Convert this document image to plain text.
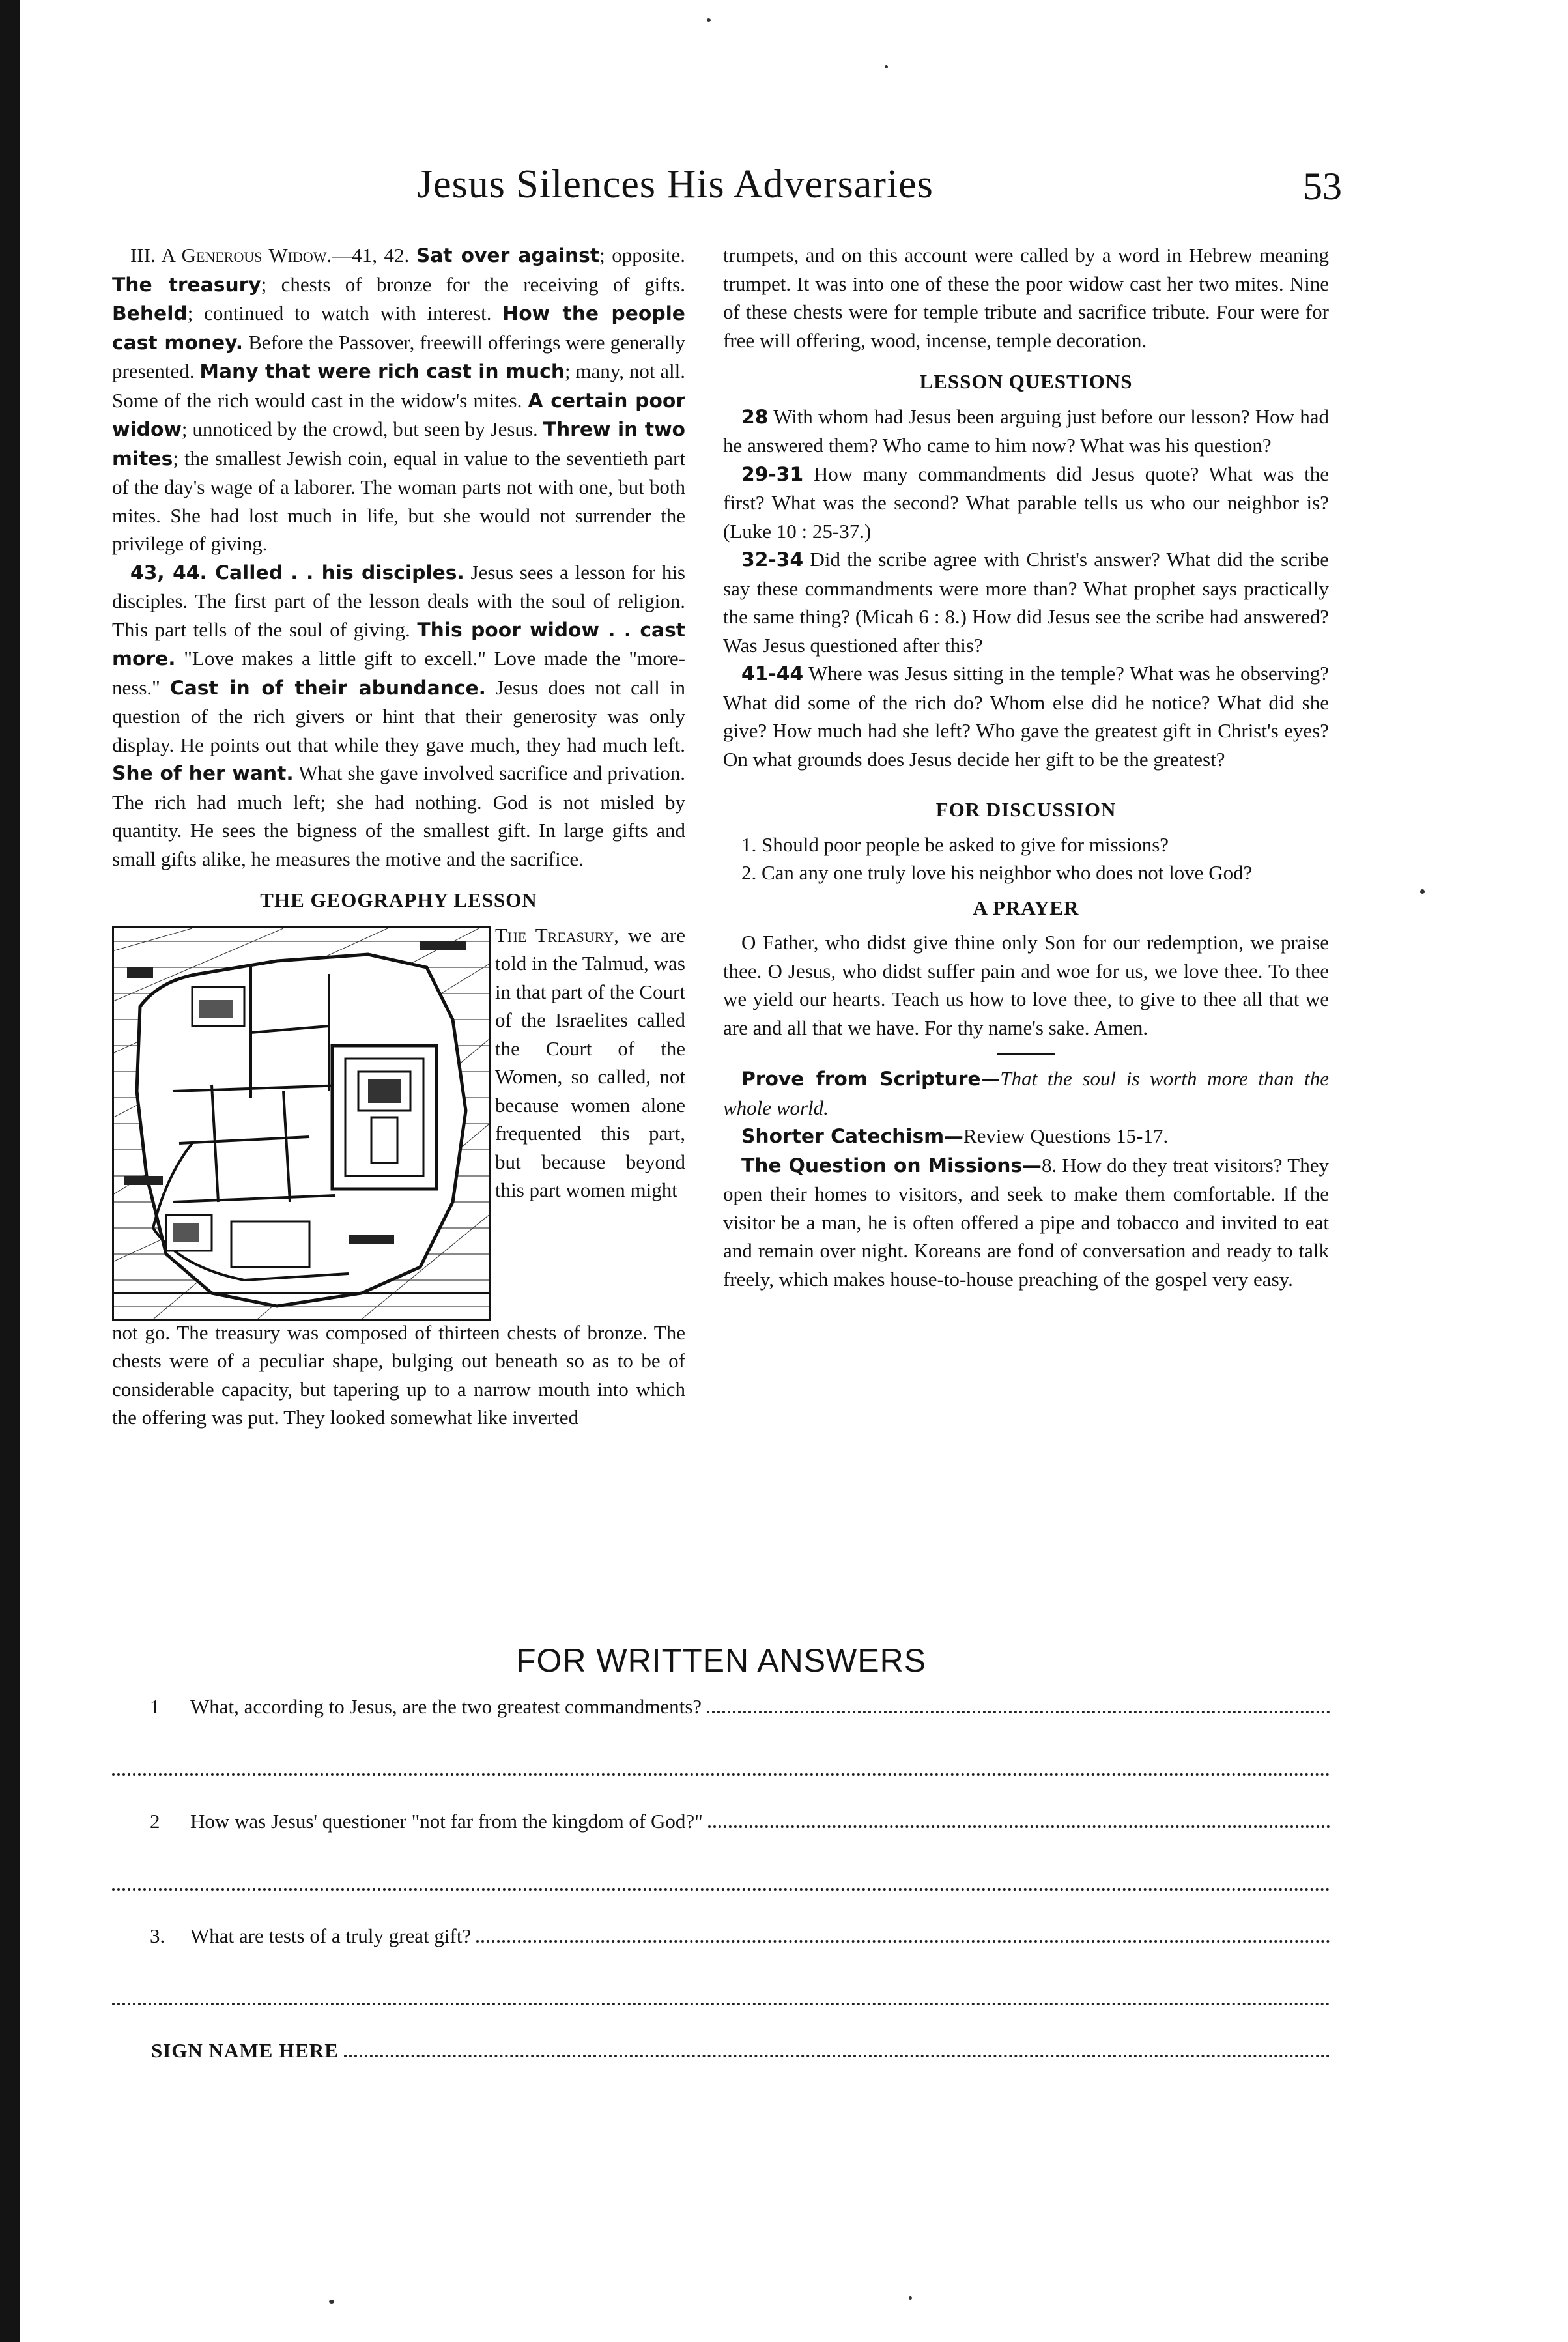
Jesus Silences His Adversaries	53

III. A Generous Widow.—41, 42. Sat over against; opposite. The treasury; chests of bronze for the receiving of gifts. Beheld; continued to watch with interest. How the people cast money. Before the Passover, freewill offerings were generally presented. Many that were rich cast in much; many, not all. Some of the rich would cast in the widow's mites. A certain poor widow; unnoticed by the crowd, but seen by Jesus. Threw in two mites; the smallest Jewish coin, equal in value to the seventieth part of the day's wage of a laborer. The woman parts not with one, but both mites. She had lost much in life, but she would not surrender the privilege of giving.

43, 44. Called . . his disciples. Jesus sees a lesson for his disciples. The first part of the lesson deals with the soul of religion. This part tells of the soul of giving. This poor widow . . cast more. "Love makes a little gift to excell." Love made the "more-ness." Cast in of their abundance. Jesus does not call in question of the rich givers or hint that their generosity was only display. He points out that while they gave much, they had much left. She of her want. What she gave involved sacrifice and privation. The rich had much left; she had nothing. God is not misled by quantity. He sees the bigness of the smallest gift. In large gifts and small gifts alike, he measures the motive and the sacrifice.

THE GEOGRAPHY LESSON
The Treasury, we are told in the Talmud, was in that part of the Court of the Israelites called the Court of the Women, so called, not because women alone frequented this part, but because beyond this part women might

not go. The treasury was composed of thirteen chests of bronze. The chests were of a peculiar shape, bulging out beneath so as to be of considerable capacity, but tapering up to a narrow mouth into which the offering was put. They looked somewhat like inverted

trumpets, and on this account were called by a word in Hebrew meaning trumpet. It was into one of these the poor widow cast her two mites. Nine of these chests were for temple tribute and sacrifice tribute. Four were for free will offering, wood, incense, temple decoration.

LESSON QUESTIONS

28 With whom had Jesus been arguing just before our lesson? How had he answered them? Who came to him now? What was his question?

29-31 How many commandments did Jesus quote? What was the first? What was the second? What parable tells us who our neighbor is? (Luke 10 : 25-37.)

32-34 Did the scribe agree with Christ's answer? What did the scribe say these commandments were more than? What prophet says practically the same thing? (Micah 6 : 8.) How did Jesus see the scribe had answered? Was Jesus questioned after this?

41-44 Where was Jesus sitting in the temple? What was he observing? What did some of the rich do? Whom else did he notice? What did she give? How much had she left? Who gave the greatest gift in Christ's eyes? On what grounds does Jesus decide her gift to be the greatest?

FOR DISCUSSION

1. Should poor people be asked to give for missions?

2. Can any one truly love his neighbor who does not love God?

A PRAYER

O Father, who didst give thine only Son for our redemption, we praise thee. O Jesus, who didst suffer pain and woe for us, we love thee. To thee we yield our hearts. Teach us how to love thee, to give to thee all that we are and all that we have. For thy name's sake. Amen.

Prove from Scripture—That the soul is worth more than the whole world.

Shorter Catechism—Review Questions 15-17.

The Question on Missions—8. How do they treat visitors? They open their homes to visitors, and seek to make them comfortable. If the visitor be a man, he is often offered a pipe and tobacco and invited to eat and remain over night. Koreans are fond of conversation and ready to talk freely, which makes house-to-house preaching of the gospel very easy.

FOR WRITTEN ANSWERS
1	What, according to Jesus, are the two greatest commandments?
2	How was Jesus' questioner "not far from the kingdom of God?"
3.	What are tests of a truly great gift?
SIGN NAME HERE
